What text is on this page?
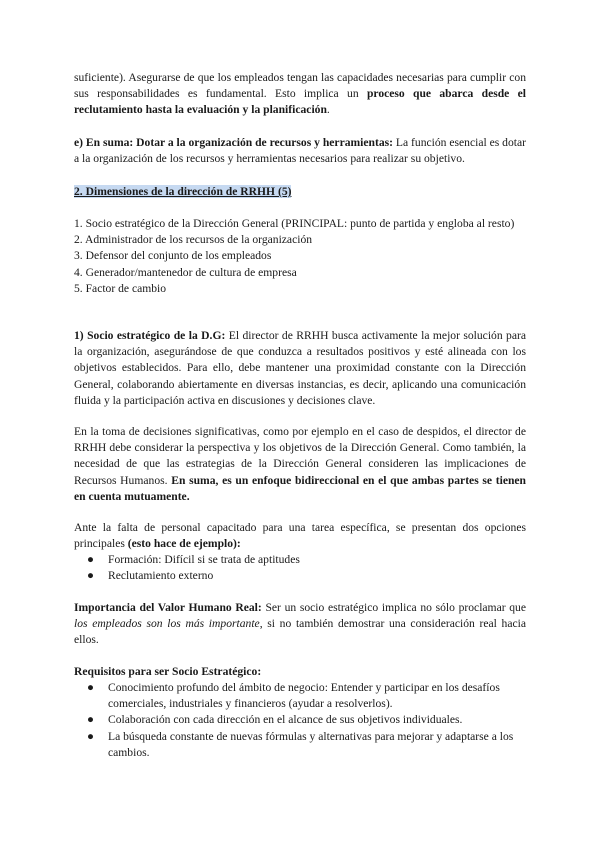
suficiente). Asegurarse de que los empleados tengan las capacidades necesarias para cumplir con sus responsabilidades es fundamental. Esto implica un proceso que abarca desde el reclutamiento hasta la evaluación y la planificación.

e) En suma: Dotar a la organización de recursos y herramientas: La función esencial es dotar a la organización de los recursos y herramientas necesarios para realizar su objetivo.

2. Dimensiones de la dirección de RRHH (5)

1. Socio estratégico de la Dirección General (PRINCIPAL: punto de partida y engloba al resto)
2. Administrador de los recursos de la organización
3. Defensor del conjunto de los empleados
4. Generador/mantenedor de cultura de empresa
5. Factor de cambio

1) Socio estratégico de la D.G: El director de RRHH busca activamente la mejor solución para la organización, asegurándose de que conduzca a resultados positivos y esté alineada con los objetivos establecidos. Para ello, debe mantener una proximidad constante con la Dirección General, colaborando abiertamente en diversas instancias, es decir, aplicando una comunicación fluida y la participación activa en discusiones y decisiones clave.

En la toma de decisiones significativas, como por ejemplo en el caso de despidos, el director de RRHH debe considerar la perspectiva y los objetivos de la Dirección General. Como también, la necesidad de que las estrategias de la Dirección General consideren las implicaciones de Recursos Humanos. En suma, es un enfoque bidireccional en el que ambas partes se tienen en cuenta mutuamente.

Ante la falta de personal capacitado para una tarea específica, se presentan dos opciones principales (esto hace de ejemplo):

● Formación: Difícil si se trata de aptitudes
● Reclutamiento externo

Importancia del Valor Humano Real: Ser un socio estratégico implica no sólo proclamar que los empleados son los más importante, si no también demostrar una consideración real hacia ellos.

Requisitos para ser Socio Estratégico:

● Conocimiento profundo del ámbito de negocio: Entender y participar en los desafíos comerciales, industriales y financieros (ayudar a resolverlos).
● Colaboración con cada dirección en el alcance de sus objetivos individuales.
● La búsqueda constante de nuevas fórmulas y alternativas para mejorar y adaptarse a los cambios.
